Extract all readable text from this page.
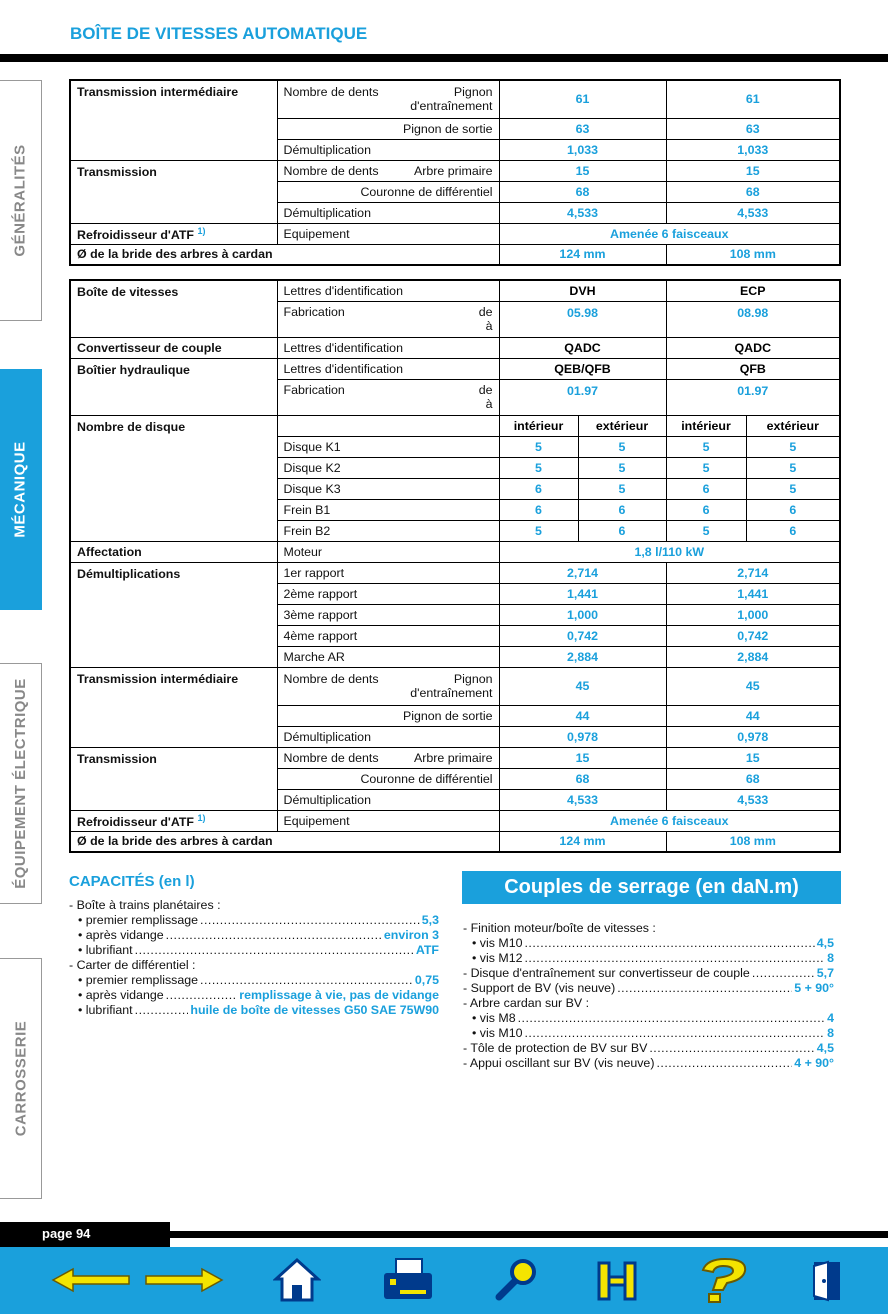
BOÎTE DE VITESSES AUTOMATIQUE
GÉNÉRALITÉS
MÉCANIQUE
ÉQUIPEMENT ÉLECTRIQUE
CARROSSERIE
Transmission intermédiaire	Nombre de dents Pignon
d'entraînement	61	61
	Pignon de sortie	63	63
	Démultiplication	1,033	1,033
Transmission	Nombre de dents Arbre primaire	15	15
	Couronne de différentiel	68	68
	Démultiplication	4,533	4,533
Refroidisseur d'ATF $^{1)}$	Equipement	Amenée 6 faisceaux	
Ø de la bride des arbres à cardan		124 mm	108 mm
Boîte de vitesses	Lettres d'identification	DVH		ECP	

	Fabrication de
à	05.98		08.98	
Convertisseur de couple	Lettres d'identification	QADC		QADC	
Boîtier hydraulique	Lettres d'identification	QEB/QFB		QFB	

	Fabrication de
à	01.97		01.97	
Nombre de disque		intérieur	extérieur	intérieur	extérieur
	Disque K1	5	5	5	5
	Disque K2	5	5	5	5
	Disque K3	6	5	6	5
	Frein B1	6	6	6	6
	Frein B2	5	6	5	6
Affectation	Moteur	1,8 l/110 kW			
Démultiplications	1er rapport	2,714		2,714	
	2ème rapport	1,441		1,441	
	3ème rapport	1,000		1,000	
	4ème rapport	0,742		0,742	
	Marche AR	2,884		2,884	
Transmission intermédiaire	Nombre de dents Pignon
d'entraînement	45		45	
	Pignon de sortie	44		44	
	Démultiplication	0,978		0,978	
Transmission	Nombre de dents Arbre primaire	15		15	
	Couronne de différentiel	68		68	
	Démultiplication	4,533		4,533	
Refroidisseur d'ATF $^{1)}$	Equipement	Amenée 6 faisceaux			
Ø de la bride des arbres à cardan		124 mm		108 mm	
CAPACITÉS (en l)
- Boîte à trains planétaires :
• premier remplissage .....	5,3
• après vidange .....	environ 3
• lubrifiant .....	ATF
- Carter de différentiel :
• premier remplissage .....	0,75
• après vidange .....	remplissage à vie, pas de vidange
• lubrifiant .....	huile de boîte de vitesses G50 SAE 75W90
Couples de serrage (en daN.m)
- Finition moteur/boîte de vitesses :
• vis M10 .....	4,5
• vis M12 .....	8
- Disque d'entraînement sur convertisseur de couple .....	5,7
- Support de BV (vis neuve) .....	5 + 90°
- Arbre cardan sur BV :
• vis M8 .....	4
• vis M10 .....	8
- Tôle de protection de BV sur BV .....	4,5
- Appui oscillant sur BV (vis neuve) .....	4 + 90°
page 94
